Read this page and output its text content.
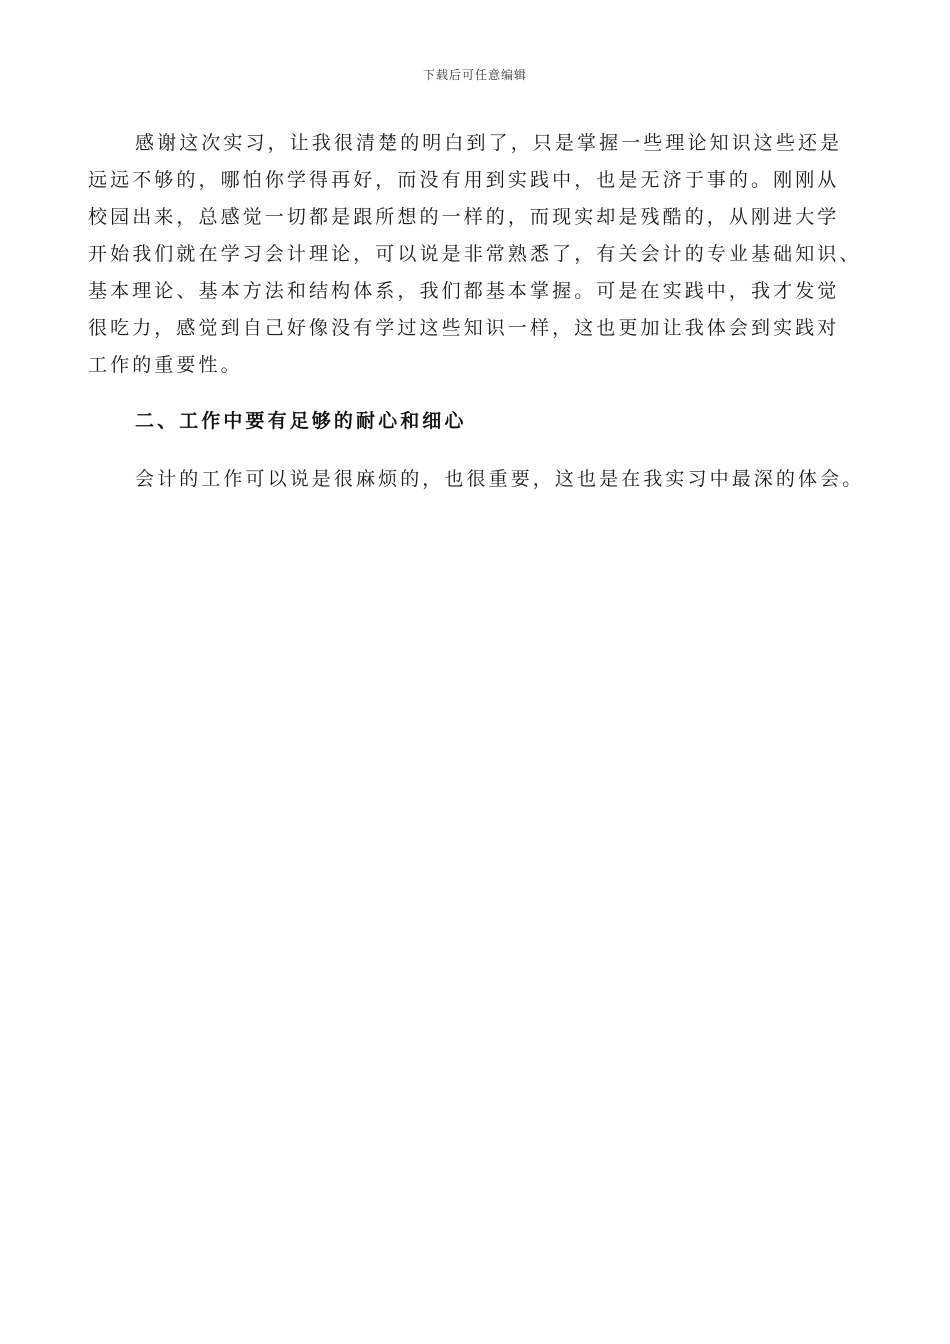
下载后可任意编辑
感谢这次实习，让我很清楚的明白到了，只是掌握一些理论知识这些还是
远远不够的，哪怕你学得再好，而没有用到实践中，也是无济于事的。刚刚从
校园出来，总感觉一切都是跟所想的一样的，而现实却是残酷的，从刚进大学
开始我们就在学习会计理论，可以说是非常熟悉了，有关会计的专业基础知识、
基本理论、基本方法和结构体系，我们都基本掌握。可是在实践中，我才发觉
很吃力，感觉到自己好像没有学过这些知识一样，这也更加让我体会到实践对
工作的重要性。
二、工作中要有足够的耐心和细心
会计的工作可以说是很麻烦的，也很重要，这也是在我实习中最深的体会。
